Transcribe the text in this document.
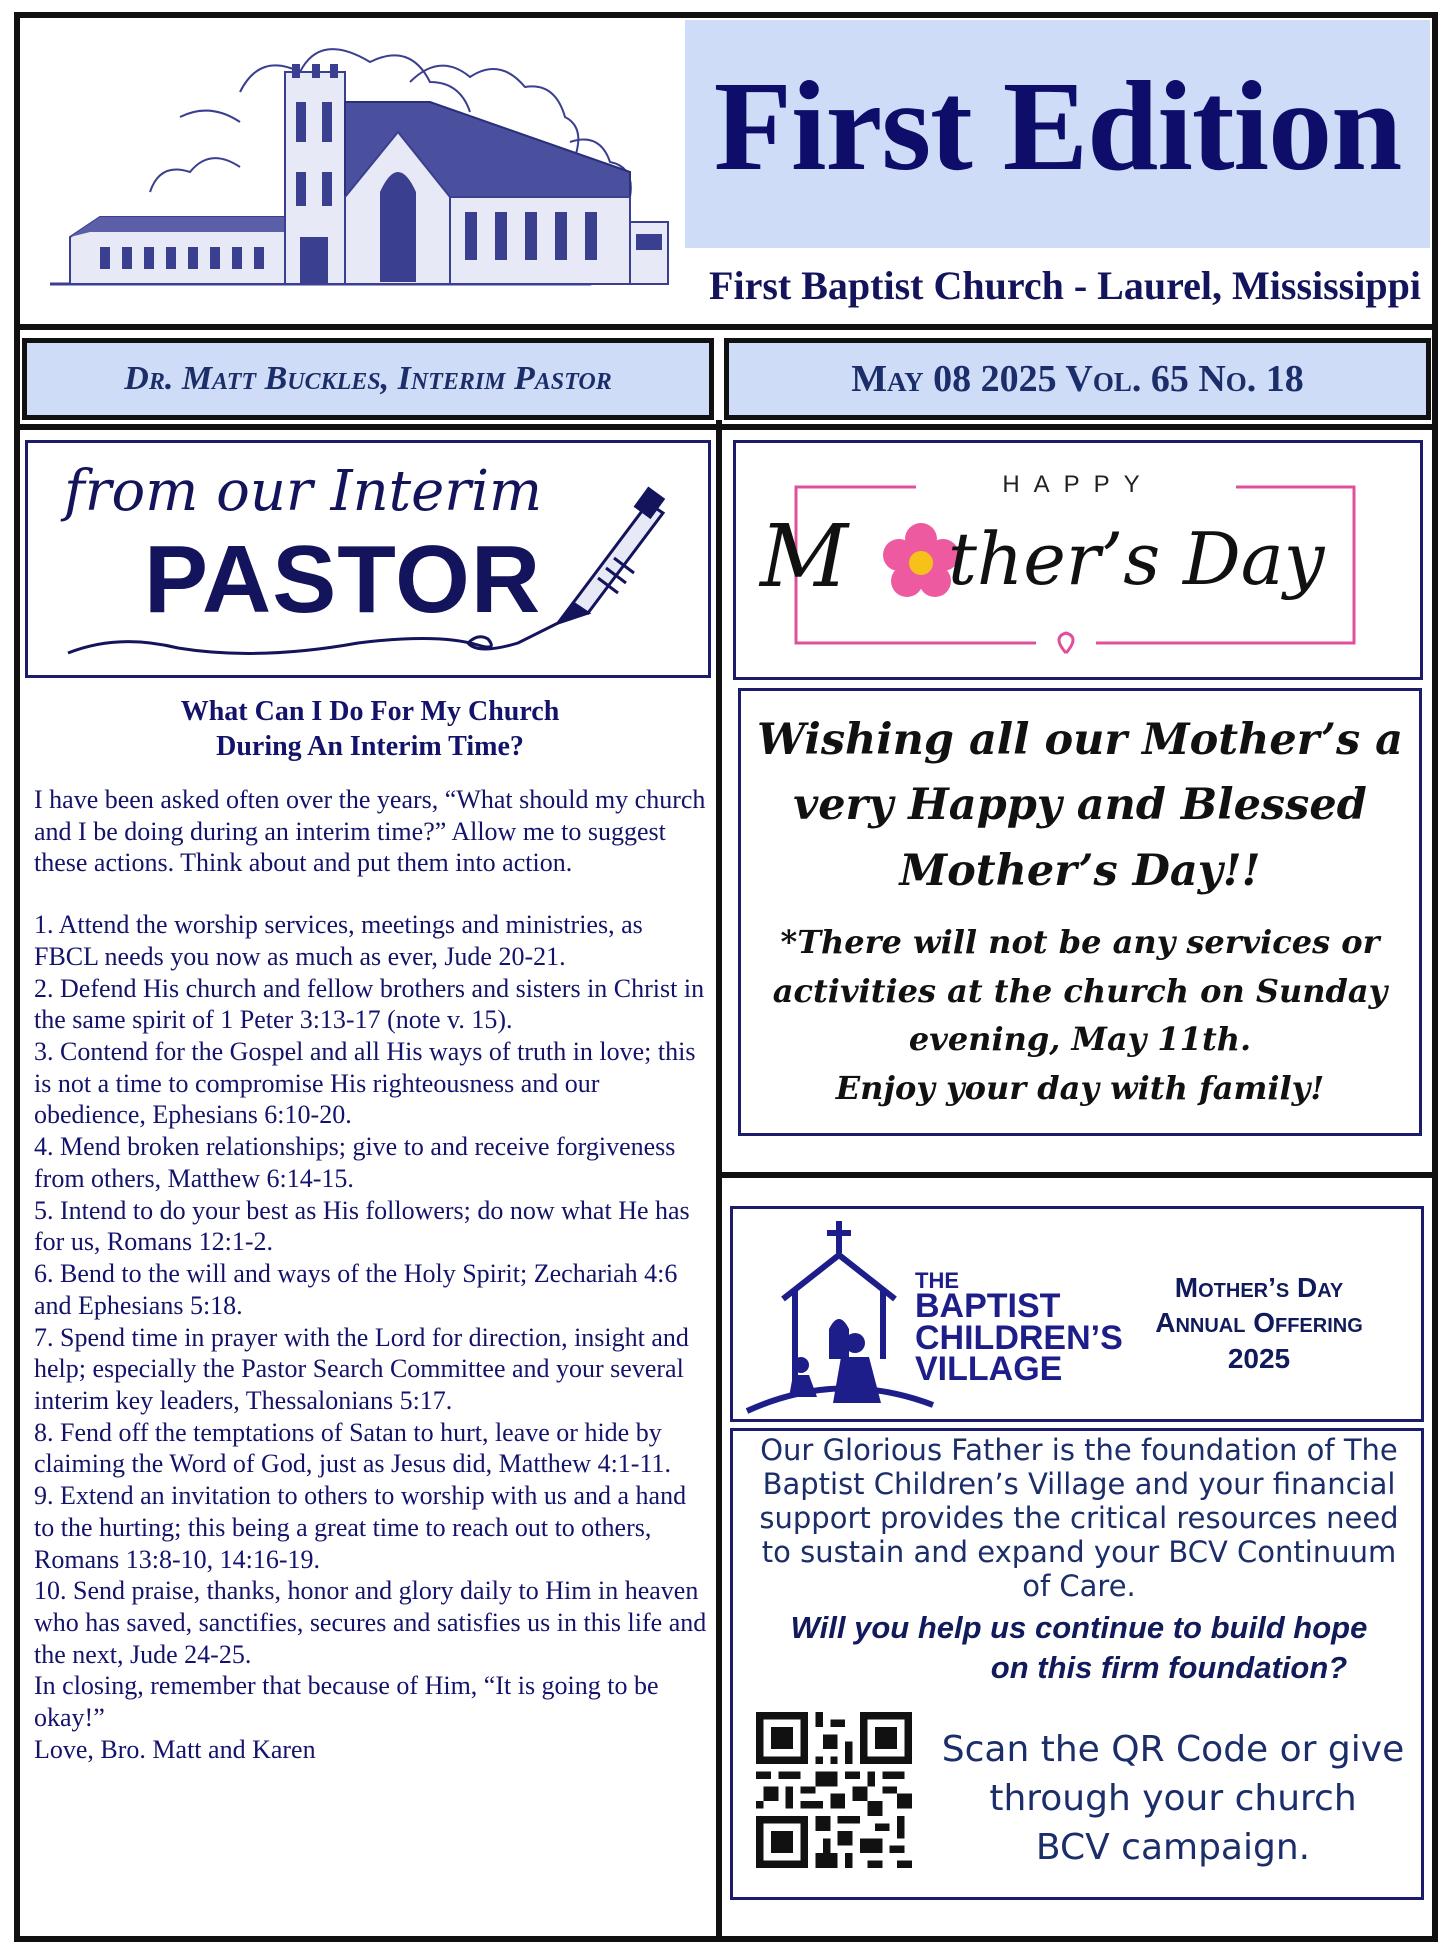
First Edition
First Baptist Church - Laurel, Mississippi
Dr. Matt Buckles, Interim Pastor	May 08 2025 Vol. 65 No. 18
from our Interim
PASTOR
What Can I Do For My Church
During An Interim Time?

I have been asked often over the years, “What should my church and I be doing during an interim time?” Allow me to suggest these actions. Think about and put them into action.

1. Attend the worship services, meetings and ministries, as FBCL needs you now as much as ever, Jude 20-21.

2. Defend His church and fellow brothers and sisters in Christ in the same spirit of 1 Peter 3:13-17 (note v. 15).

3. Contend for the Gospel and all His ways of truth in love; this is not a time to compromise His righteousness and our obedience, Ephesians 6:10-20.

4. Mend broken relationships; give to and receive forgiveness from others, Matthew 6:14-15.

5. Intend to do your best as His followers; do now what He has for us, Romans 12:1-2.

6. Bend to the will and ways of the Holy Spirit; Zechariah 4:6 and Ephesians 5:18.

7. Spend time in prayer with the Lord for direction, insight and help; especially the Pastor Search Committee and your several interim key leaders, Thessalonians 5:17.

8. Fend off the temptations of Satan to hurt, leave or hide by claiming the Word of God, just as Jesus did, Matthew 4:1-11.

9. Extend an invitation to others to worship with us and a hand to the hurting; this being a great time to reach out to others, Romans 13:8-10, 14:16-19.

10. Send praise, thanks, honor and glory daily to Him in heaven who has saved, sanctifies, secures and satisfies us in this life and the next, Jude 24-25.

In closing, remember that because of Him, “It is going to be okay!”

Love, Bro. Matt and Karen

HAPPY
M ther’s Day
Wishing all our Mother’s a
very Happy and Blessed
Mother’s Day!!
*There will not be any services or
activities at the church on Sunday
evening, May 11th.
Enjoy your day with family!
THE
BAPTIST
CHILDREN’S
VILLAGE
Mother’s Day
Annual Offering
2025
Our Glorious Father is the foundation of The Baptist Children’s Village and your financial support provides the critical resources need to sustain and expand your BCV Continuum of Care.
Will you help us continue to build hope
on this firm foundation?
Scan the QR Code or give
through your church
BCV campaign.
